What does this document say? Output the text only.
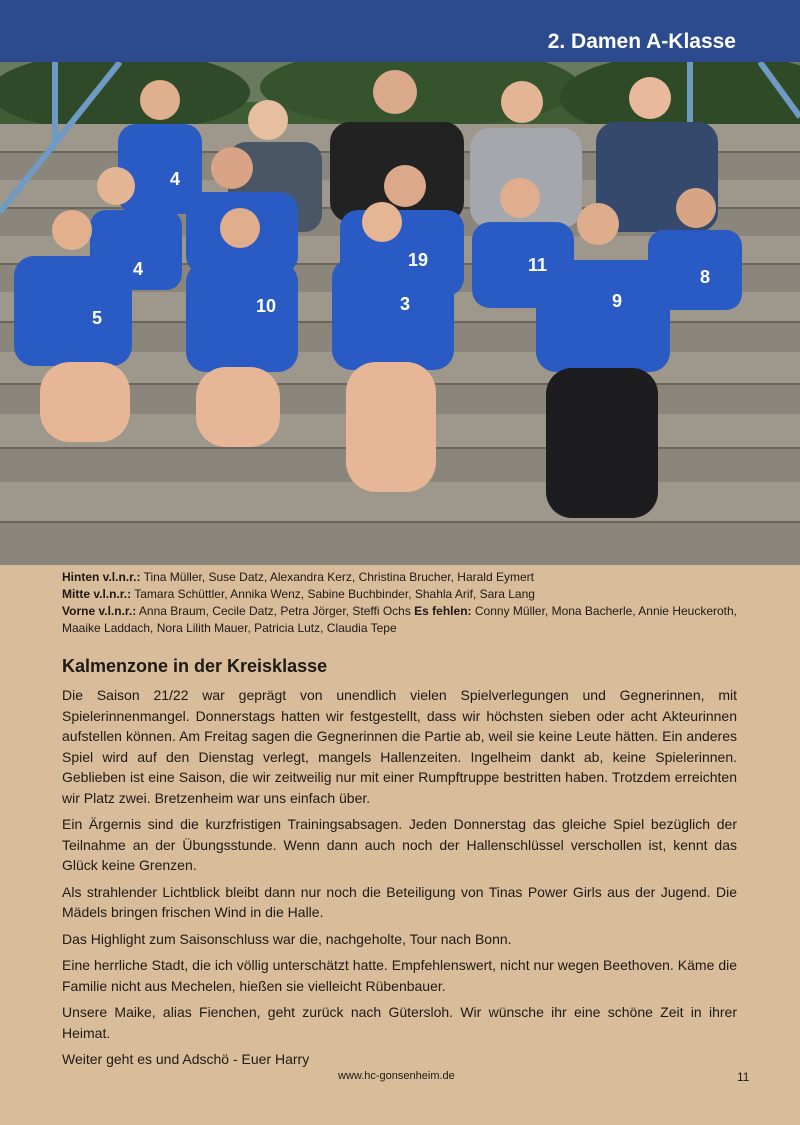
2. Damen A-Klasse
4
4	19	11
8
5
10	3	9

Hinten v.l.n.r.: Tina Müller, Suse Datz, Alexandra Kerz, Christina Brucher, Harald Eymert

Mitte v.l.n.r.: Tamara Schüttler, Annika Wenz, Sabine Buchbinder, Shahla Arif, Sara Lang

Vorne v.l.n.r.: Anna Braum, Cecile Datz, Petra Jörger, Steffi Ochs Es fehlen: Conny Müller, Mona Bacherle, Annie Heuckeroth, Maaike Laddach, Nora Lilith Mauer, Patricia Lutz, Claudia Tepe

Kalmenzone in der Kreisklasse

Die Saison 21/22 war geprägt von unendlich vielen Spielverlegungen und Gegnerinnen, mit Spielerinnenmangel. Donnerstags hatten wir festgestellt, dass wir höchsten sieben oder acht Akteurinnen aufstellen können. Am Freitag sagen die Gegnerinnen die Partie ab, weil sie keine Leute hätten. Ein anderes Spiel wird auf den Dienstag verlegt, mangels Hallenzeiten. Ingelheim dankt ab, keine Spielerinnen. Geblieben ist eine Saison, die wir zeitweilig nur mit einer Rumpftruppe bestritten haben. Trotzdem erreichten wir Platz zwei. Bretzenheim war uns einfach über.

Ein Ärgernis sind die kurzfristigen Trainingsabsagen. Jeden Donnerstag das gleiche Spiel bezüglich der Teilnahme an der Übungsstunde. Wenn dann auch noch der Hallenschlüssel verschollen ist, kennt das Glück keine Grenzen.

Als strahlender Lichtblick bleibt dann nur noch die Beteiligung von Tinas Power Girls aus der Jugend. Die Mädels bringen frischen Wind in die Halle.

Das Highlight zum Saisonschluss war die, nachgeholte, Tour nach Bonn.

Eine herrliche Stadt, die ich völlig unterschätzt hatte. Empfehlenswert, nicht nur wegen Beethoven. Käme die Familie nicht aus Mechelen, hießen sie vielleicht Rübenbauer.

Unsere Maike, alias Fienchen, geht zurück nach Gütersloh. Wir wünsche ihr eine schöne Zeit in ihrer Heimat.

Weiter geht es und Adschö - Euer Harry

www.hc-gonsenheim.de	11
